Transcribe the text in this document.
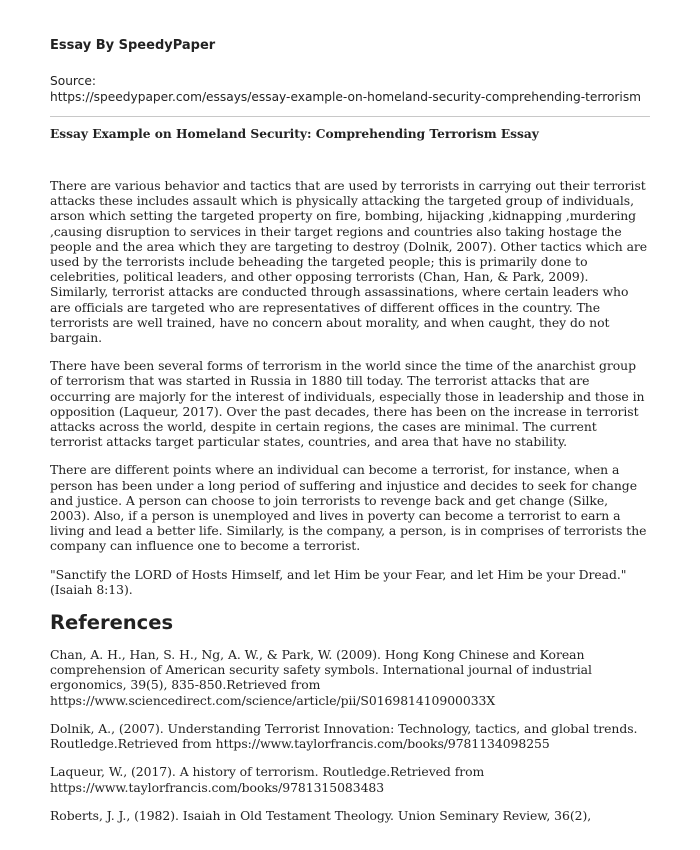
Essay By SpeedyPaper

Source:

https://speedypaper.com/essays/essay-example-on-homeland-security-comprehending-terrorism

Essay Example on Homeland Security: Comprehending Terrorism Essay

There are various behavior and tactics that are used by terrorists in carrying out their terrorist attacks these includes assault which is physically attacking the targeted group of individuals, arson which setting the targeted property on fire, bombing, hijacking ,kidnapping ,murdering ,causing disruption to services in their target regions and countries also taking hostage the people and the area which they are targeting to destroy (Dolnik, 2007). Other tactics which are used by the terrorists include beheading the targeted people; this is primarily done to celebrities, political leaders, and other opposing terrorists (Chan, Han, & Park, 2009). Similarly, terrorist attacks are conducted through assassinations, where certain leaders who are officials are targeted who are representatives of different offices in the country. The terrorists are well trained, have no concern about morality, and when caught, they do not bargain.

There have been several forms of terrorism in the world since the time of the anarchist group of terrorism that was started in Russia in 1880 till today. The terrorist attacks that are occurring are majorly for the interest of individuals, especially those in leadership and those in opposition (Laqueur, 2017). Over the past decades, there has been on the increase in terrorist attacks across the world, despite in certain regions, the cases are minimal. The current terrorist attacks target particular states, countries, and area that have no stability.

There are different points where an individual can become a terrorist, for instance, when a person has been under a long period of suffering and injustice and decides to seek for change and justice. A person can choose to join terrorists to revenge back and get change (Silke, 2003). Also, if a person is unemployed and lives in poverty can become a terrorist to earn a living and lead a better life. Similarly, is the company, a person, is in comprises of terrorists the company can influence one to become a terrorist.

"Sanctify the LORD of Hosts Himself, and let Him be your Fear, and let Him be your Dread."(Isaiah 8:13).

References

Chan, A. H., Han, S. H., Ng, A. W., & Park, W. (2009). Hong Kong Chinese and Korean comprehension of American security safety symbols. International journal of industrial ergonomics, 39(5), 835-850.Retrieved from https://www.sciencedirect.com/science/article/pii/S016981410900033X

Dolnik, A., (2007). Understanding Terrorist Innovation: Technology, tactics, and global trends. Routledge.Retrieved from https://www.taylorfrancis.com/books/9781134098255

Laqueur, W., (2017). A history of terrorism. Routledge.Retrieved from https://www.taylorfrancis.com/books/9781315083483

Roberts, J. J., (1982). Isaiah in Old Testament Theology. Union Seminary Review, 36(2),
